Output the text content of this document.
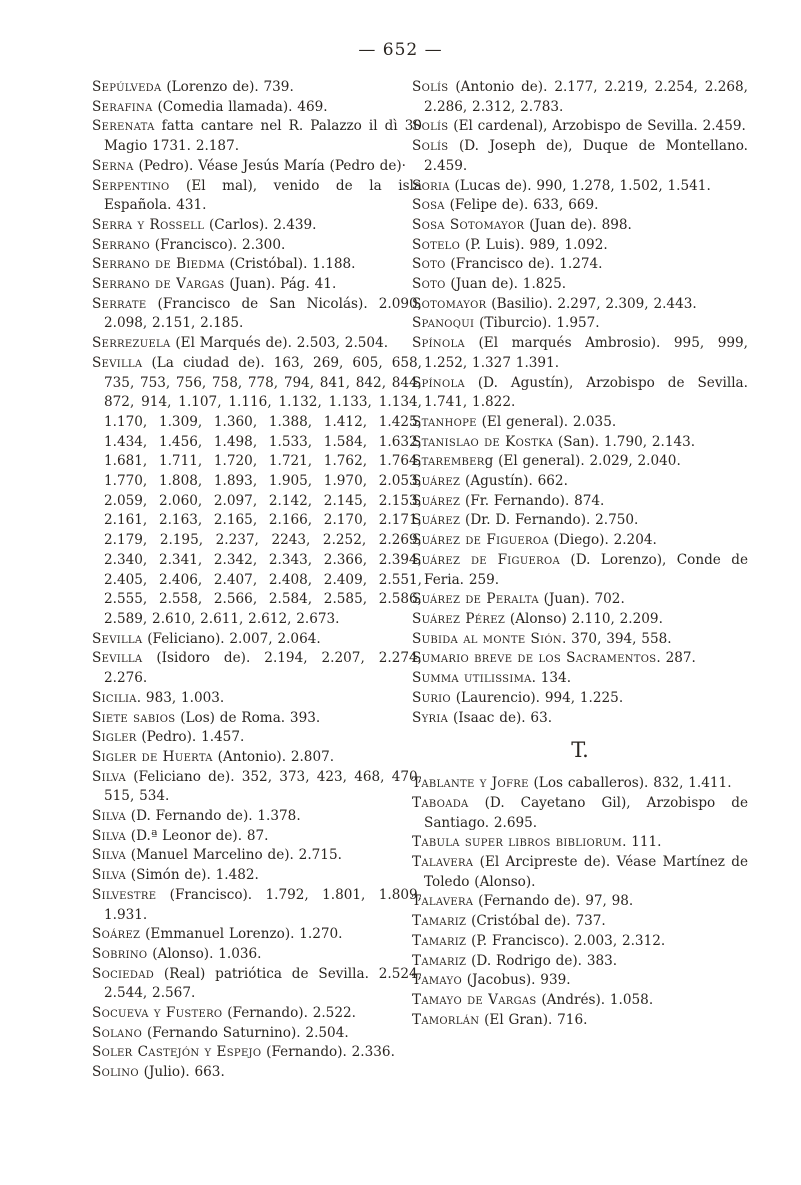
— 652 —

Sepúlveda (Lorenzo de). 739.

Serafina (Comedia llamada). 469.

Serenata fatta cantare nel R. Palazzo il dì 30 Magio 1731. 2.187.

Serna (Pedro). Véase Jesús María (Pedro de)·

Serpentino (El mal), venido de la isla Española. 431.

Serra y Rossell (Carlos). 2.439.

Serrano (Francisco). 2.300.

Serrano de Biedma (Cristóbal). 1.188.

Serrano de Vargas (Juan). Pág. 41.

Serrate (Francisco de San Nicolás). 2.090, 2.098, 2.151, 2.185.

Serrezuela (El Marqués de). 2.503, 2.504.

Sevilla (La ciudad de). 163, 269, 605, 658, 735, 753, 756, 758, 778, 794, 841, 842, 844, 872, 914, 1.107, 1.116, 1.132, 1.133, 1.134, 1.170, 1.309, 1.360, 1.388, 1.412, 1.425, 1.434, 1.456, 1.498, 1.533, 1.584, 1.632, 1.681, 1.711, 1.720, 1.721, 1.762, 1.764, 1.770, 1.808, 1.893, 1.905, 1.970, 2.053, 2.059, 2.060, 2.097, 2.142, 2.145, 2.153, 2.161, 2.163, 2.165, 2.166, 2.170, 2.171, 2.179, 2.195, 2.237, 2243, 2.252, 2.269, 2.340, 2.341, 2.342, 2.343, 2.366, 2.394, 2.405, 2.406, 2.407, 2.408, 2.409, 2.551, 2.555, 2.558, 2.566, 2.584, 2.585, 2.586, 2.589, 2.610, 2.611, 2.612, 2.673.

Sevilla (Feliciano). 2.007, 2.064.

Sevilla (Isidoro de). 2.194, 2.207, 2.274, 2.276.

Sicilia. 983, 1.003.

Siete sabios (Los) de Roma. 393.

Sigler (Pedro). 1.457.

Sigler de Huerta (Antonio). 2.807.

Silva (Feliciano de). 352, 373, 423, 468, 470, 515, 534.

Silva (D. Fernando de). 1.378.

Silva (D.ª Leonor de). 87.

Silva (Manuel Marcelino de). 2.715.

Silva (Simón de). 1.482.

Silvestre (Francisco). 1.792, 1.801, 1.809, 1.931.

Soárez (Emmanuel Lorenzo). 1.270.

Sobrino (Alonso). 1.036.

Sociedad (Real) patriótica de Sevilla. 2.524, 2.544, 2.567.

Socueva y Fustero (Fernando). 2.522.

Solano (Fernando Saturnino). 2.504.

Soler Castejón y Espejo (Fernando). 2.336.

Solino (Julio). 663.

Solís (Antonio de). 2.177, 2.219, 2.254, 2.268, 2.286, 2.312, 2.783.

Solís (El cardenal), Arzobispo de Sevilla. 2.459.

Solís (D. Joseph de), Duque de Montellano. 2.459.

Soria (Lucas de). 990, 1.278, 1.502, 1.541.

Sosa (Felipe de). 633, 669.

Sosa Sotomayor (Juan de). 898.

Sotelo (P. Luis). 989, 1.092.

Soto (Francisco de). 1.274.

Soto (Juan de). 1.825.

Sotomayor (Basilio). 2.297, 2.309, 2.443.

Spanoqui (Tiburcio). 1.957.

Spínola (El marqués Ambrosio). 995, 999, 1.252, 1.327 1.391.

Spínola (D. Agustín), Arzobispo de Sevilla. 1.741, 1.822.

Stanhope (El general). 2.035.

Stanislao de Kostka (San). 1.790, 2.143.

Staremberg (El general). 2.029, 2.040.

Suárez (Agustín). 662.

Suárez (Fr. Fernando). 874.

Suárez (Dr. D. Fernando). 2.750.

Suárez de Figueroa (Diego). 2.204.

Suárez de Figueroa (D. Lorenzo), Conde de Feria. 259.

Suárez de Peralta (Juan). 702.

Suárez Pérez (Alonso) 2.110, 2.209.

Subida al monte Sión. 370, 394, 558.

Sumario breve de los Sacramentos. 287.

Summa utilissima. 134.

Surio (Laurencio). 994, 1.225.

Syria (Isaac de). 63.

T.

Tablante y Jofre (Los caballeros). 832, 1.411.

Taboada (D. Cayetano Gil), Arzobispo de Santiago. 2.695.

Tabula super libros bibliorum. 111.

Talavera (El Arcipreste de). Véase Martínez de Toledo (Alonso).

Talavera (Fernando de). 97, 98.

Tamariz (Cristóbal de). 737.

Tamariz (P. Francisco). 2.003, 2.312.

Tamariz (D. Rodrigo de). 383.

Tamayo (Jacobus). 939.

Tamayo de Vargas (Andrés). 1.058.

Tamorlán (El Gran). 716.
